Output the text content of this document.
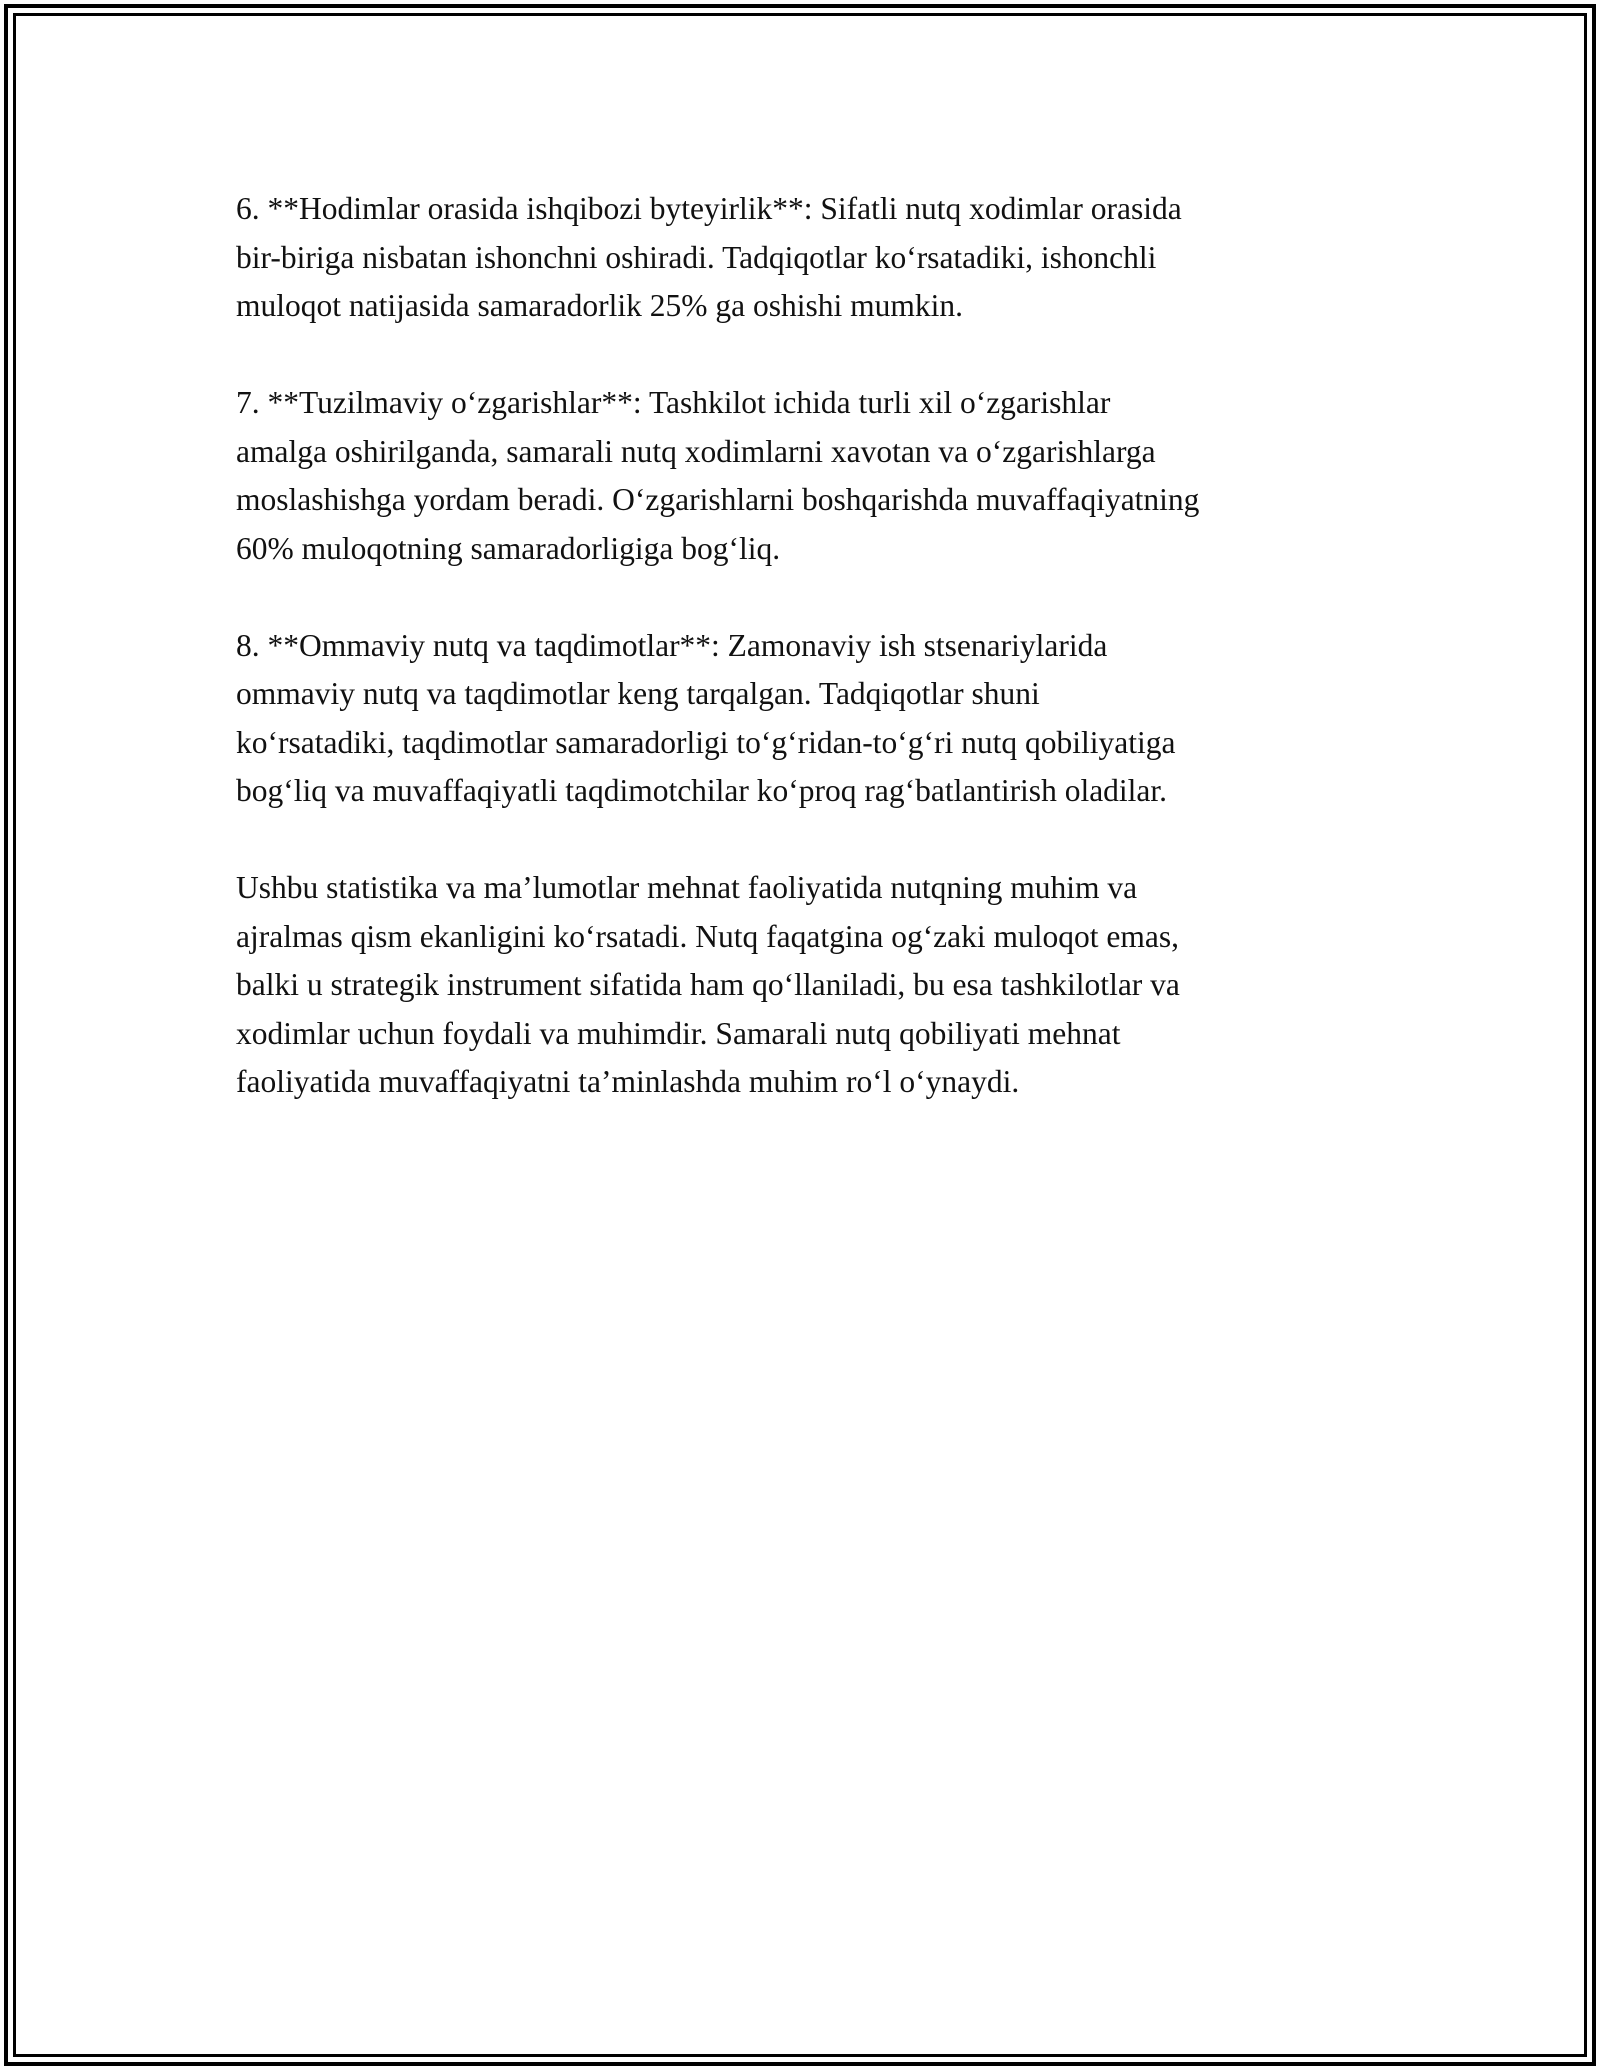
6. **Hodimlar orasida ishqibozi byteyirlik**: Sifatli nutq xodimlar orasida
bir-biriga nisbatan ishonchni oshiradi. Tadqiqotlar koʻrsatadiki, ishonchli
muloqot natijasida samaradorlik 25% ga oshishi mumkin.

7. **Tuzilmaviy oʻzgarishlar**: Tashkilot ichida turli xil oʻzgarishlar
amalga oshirilganda, samarali nutq xodimlarni xavotan va oʻzgarishlarga
moslashishga yordam beradi. Oʻzgarishlarni boshqarishda muvaffaqiyatning
60% muloqotning samaradorligiga bogʻliq.

8. **Ommaviy nutq va taqdimotlar**: Zamonaviy ish stsenariylarida
ommaviy nutq va taqdimotlar keng tarqalgan. Tadqiqotlar shuni
koʻrsatadiki, taqdimotlar samaradorligi toʻgʻridan-toʻgʻri nutq qobiliyatiga
bogʻliq va muvaffaqiyatli taqdimotchilar koʻproq ragʻbatlantirish oladilar.

Ushbu statistika va maʼlumotlar mehnat faoliyatida nutqning muhim va
ajralmas qism ekanligini koʻrsatadi. Nutq faqatgina ogʻzaki muloqot emas,
balki u strategik instrument sifatida ham qoʻllaniladi, bu esa tashkilotlar va
xodimlar uchun foydali va muhimdir. Samarali nutq qobiliyati mehnat
faoliyatida muvaffaqiyatni taʼminlashda muhim roʻl oʻynaydi.
